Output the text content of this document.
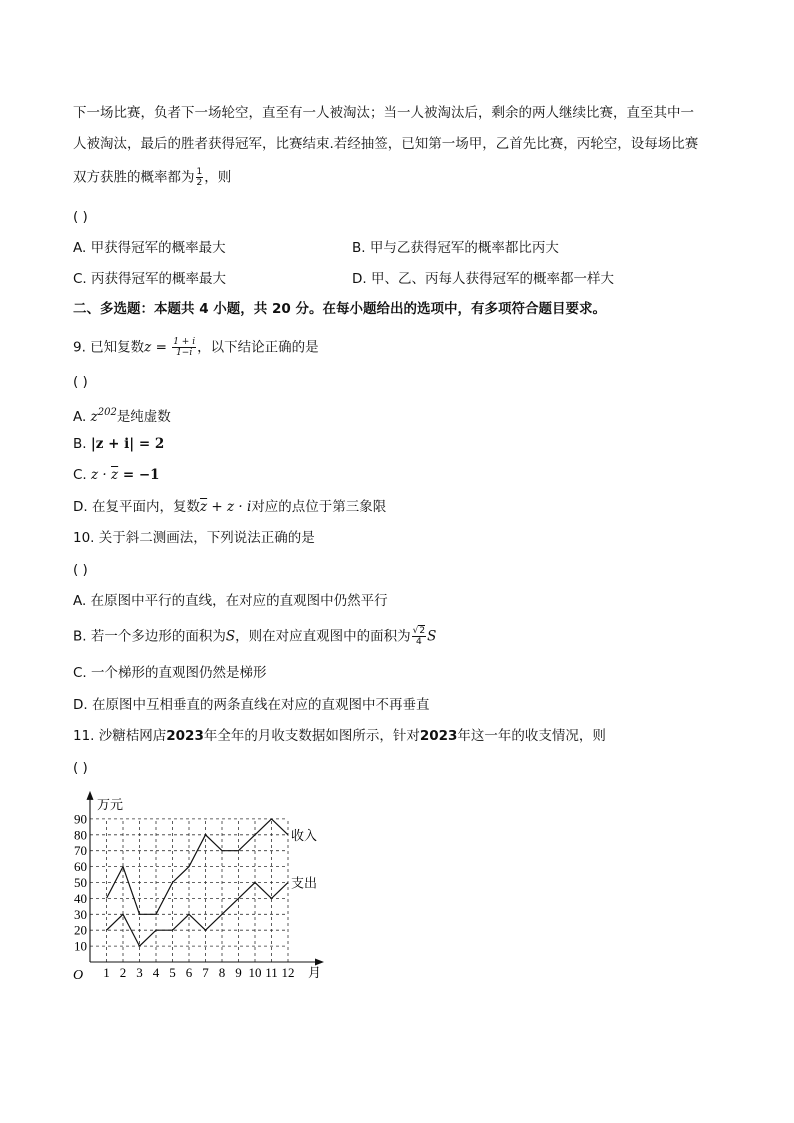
下一场比赛，负者下一场轮空，直至有一人被淘汰；当一人被淘汰后，剩余的两人继续比赛，直至其中一
人被淘汰，最后的胜者获得冠军，比赛结束.若经抽签，已知第一场甲，乙首先比赛，丙轮空，设每场比赛
双方获胜的概率都为 $\frac{1}{2}$ ，则
( )
A. 甲获得冠军的概率最大	B. 甲与乙获得冠军的概率都比丙大
C. 丙获得冠军的概率最大	D. 甲、乙、丙每人获得冠军的概率都一样大
二、多选题：本题共 4 小题，共 20 分。在每小题给出的选项中，有多项符合题目要求。
9. 已知复数$z = \frac{1 + i}{1-i}$ ，以下结论正确的是
( )
A. $z^{202}$是纯虚数
B. |z + i| = 2
C. $z \cdot \overline{z} = -1$
D. 在复平面内，复数$\overline{z} + z \cdot i$对应的点位于第三象限
10. 关于斜二测画法，下列说法正确的是
( )
A. 在原图中平行的直线，在对应的直观图中仍然平行
B. 若一个多边形的面积为S，则在对应直观图中的面积为 $\frac{√2}{4}$ S
C. 一个梯形的直观图仍然是梯形
D. 在原图中互相垂直的两条直线在对应的直观图中不再垂直
11. 沙糖桔网店2023年全年的月收支数据如图所示，针对2023年这一年的收支情况，则
( )
1 2 3 4 5 6 7 8 9 10 11 12
10
20
30
40
50
60
70
80
90
O
万元
月
收入
支出
